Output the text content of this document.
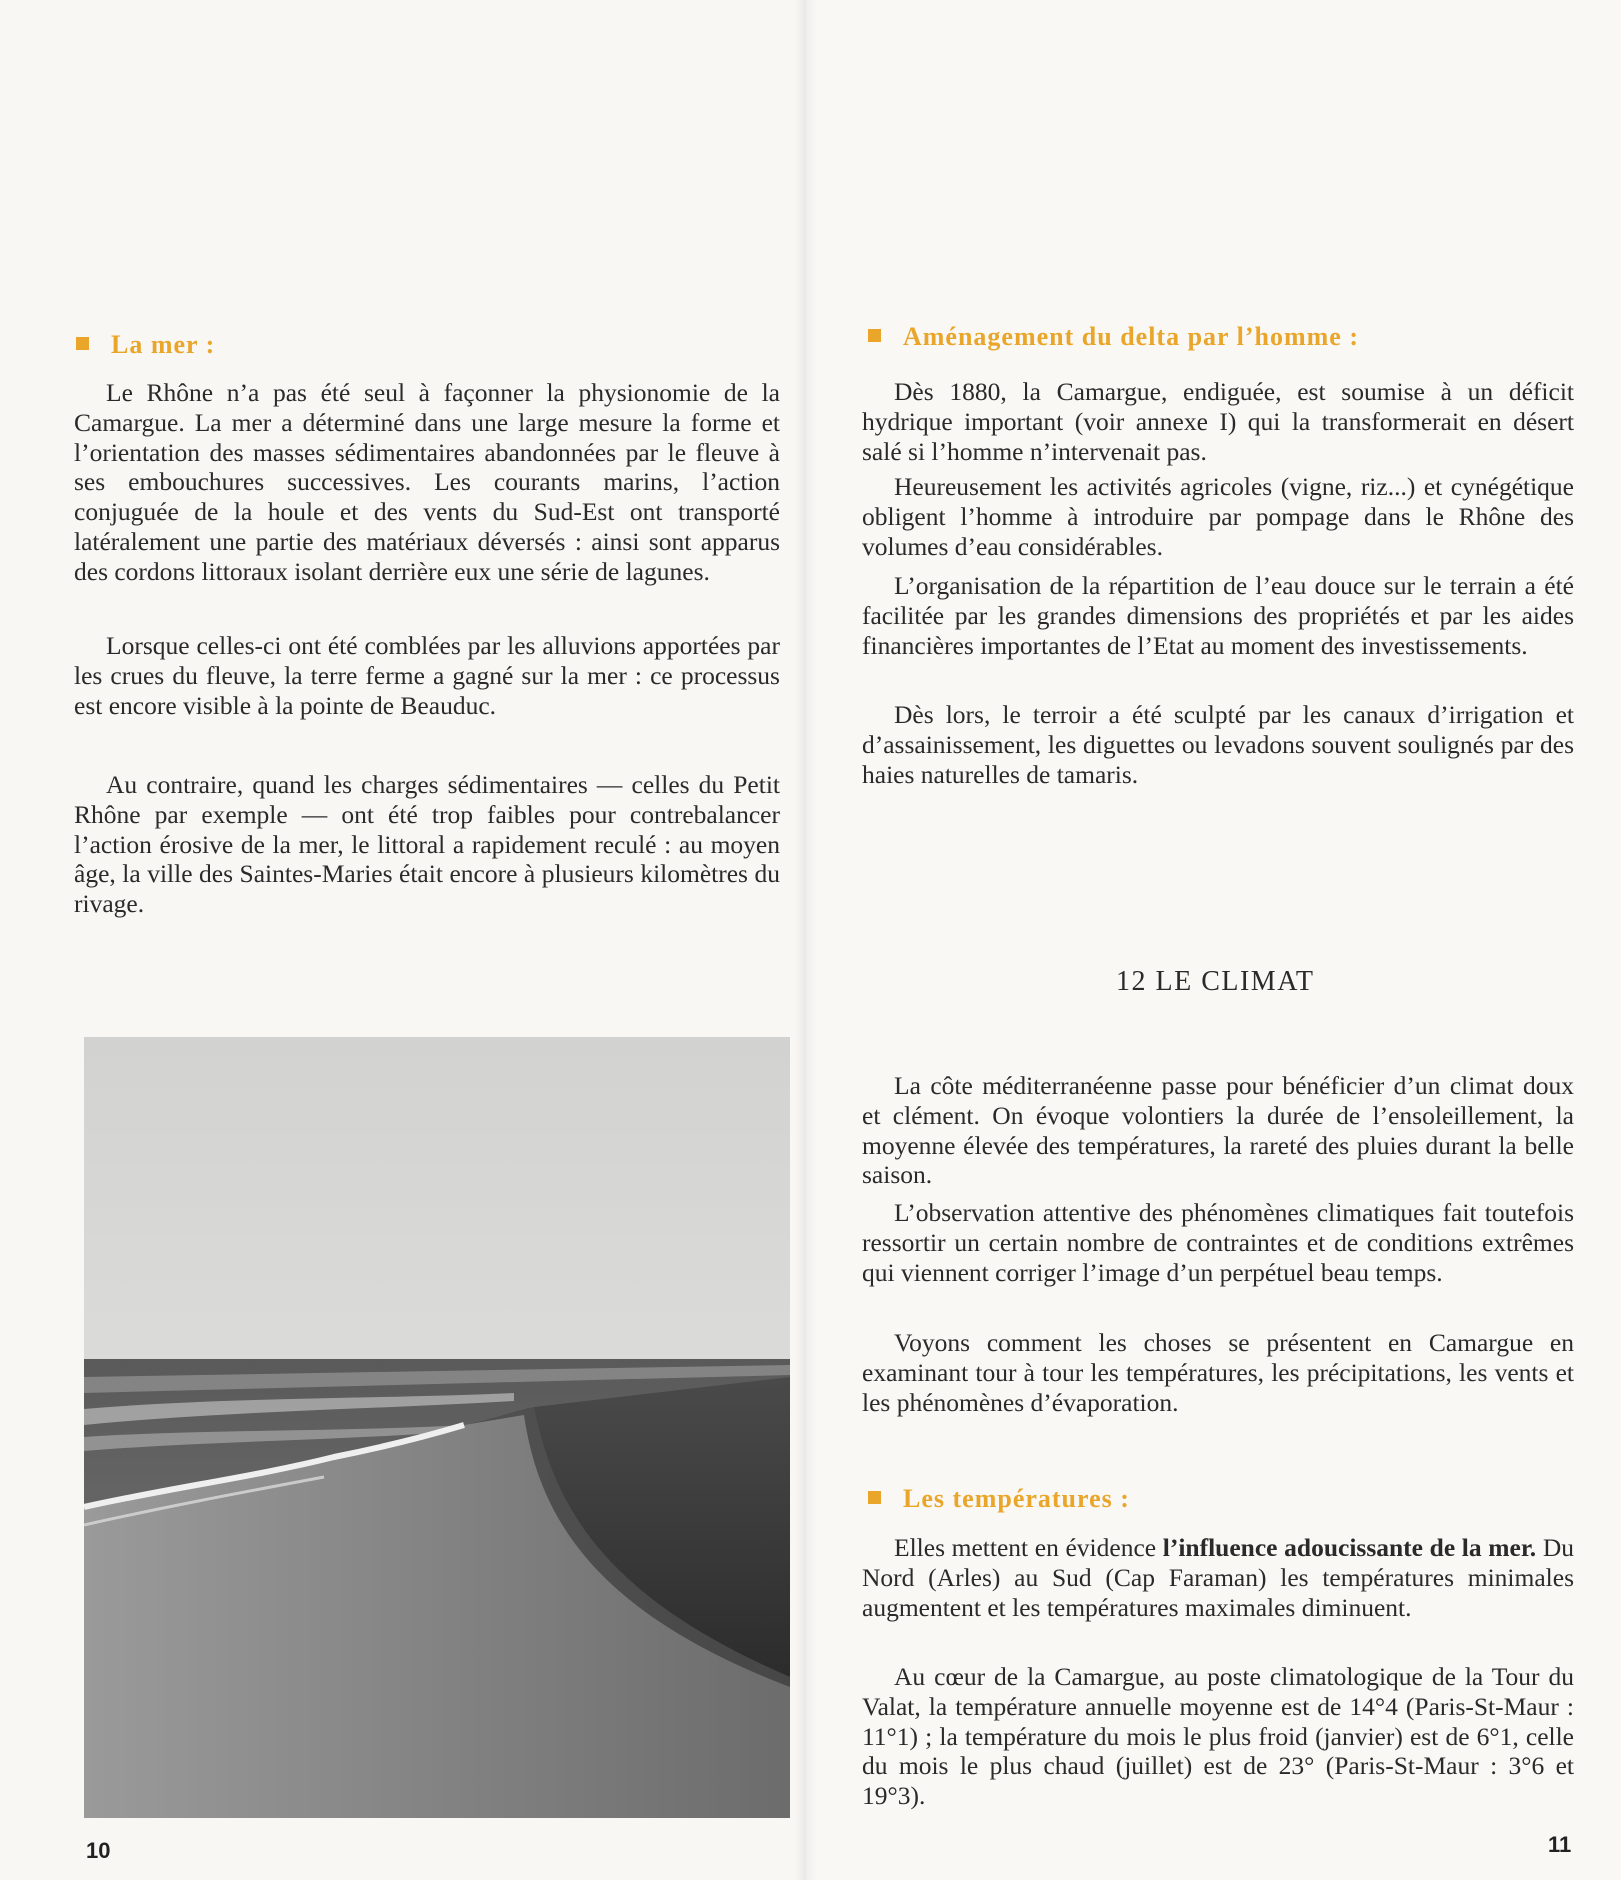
La mer :

Le Rhône n’a pas été seul à façonner la physionomie de la Camargue. La mer a déterminé dans une large mesure la forme et l’orientation des masses sédimentaires abandonnées par le fleuve à ses embouchures successives. Les courants marins, l’action conjuguée de la houle et des vents du Sud-Est ont transporté latéralement une partie des matériaux déversés : ainsi sont apparus des cordons littoraux isolant derrière eux une série de lagunes.

Lorsque celles-ci ont été comblées par les alluvions apportées par les crues du fleuve, la terre ferme a gagné sur la mer : ce processus est encore visible à la pointe de Beauduc.

Au contraire, quand les charges sédimentaires — celles du Petit Rhône par exemple — ont été trop faibles pour contrebalancer l’action érosive de la mer, le littoral a rapidement reculé : au moyen âge, la ville des Saintes-Maries était encore à plusieurs kilomètres du rivage.

10
Aménagement du delta par l’homme :

Dès 1880, la Camargue, endiguée, est soumise à un déficit hydrique important (voir annexe I) qui la transformerait en désert salé si l’homme n’intervenait pas.

Heureusement les activités agricoles (vigne, riz...) et cynégétique obligent l’homme à introduire par pompage dans le Rhône des volumes d’eau considérables.

L’organisation de la répartition de l’eau douce sur le terrain a été facilitée par les grandes dimensions des propriétés et par les aides financières importantes de l’Etat au moment des investissements.

Dès lors, le terroir a été sculpté par les canaux d’irrigation et d’assainissement, les diguettes ou levadons souvent soulignés par des haies naturelles de tamaris.

12 LE CLIMAT

La côte méditerranéenne passe pour bénéficier d’un climat doux et clément. On évoque volontiers la durée de l’ensoleillement, la moyenne élevée des températures, la rareté des pluies durant la belle saison.

L’observation attentive des phénomènes climatiques fait toutefois ressortir un certain nombre de contraintes et de conditions extrêmes qui viennent corriger l’image d’un perpétuel beau temps.

Voyons comment les choses se présentent en Camargue en examinant tour à tour les températures, les précipitations, les vents et les phénomènes d’évaporation.

Les températures :

Elles mettent en évidence l’influence adoucissante de la mer. Du Nord (Arles) au Sud (Cap Faraman) les températures minimales augmentent et les températures maximales diminuent.

Au cœur de la Camargue, au poste climatologique de la Tour du Valat, la température annuelle moyenne est de 14°4 (Paris-St-Maur : 11°1) ; la température du mois le plus froid (janvier) est de 6°1, celle du mois le plus chaud (juillet) est de 23° (Paris-St-Maur : 3°6 et 19°3).

11
